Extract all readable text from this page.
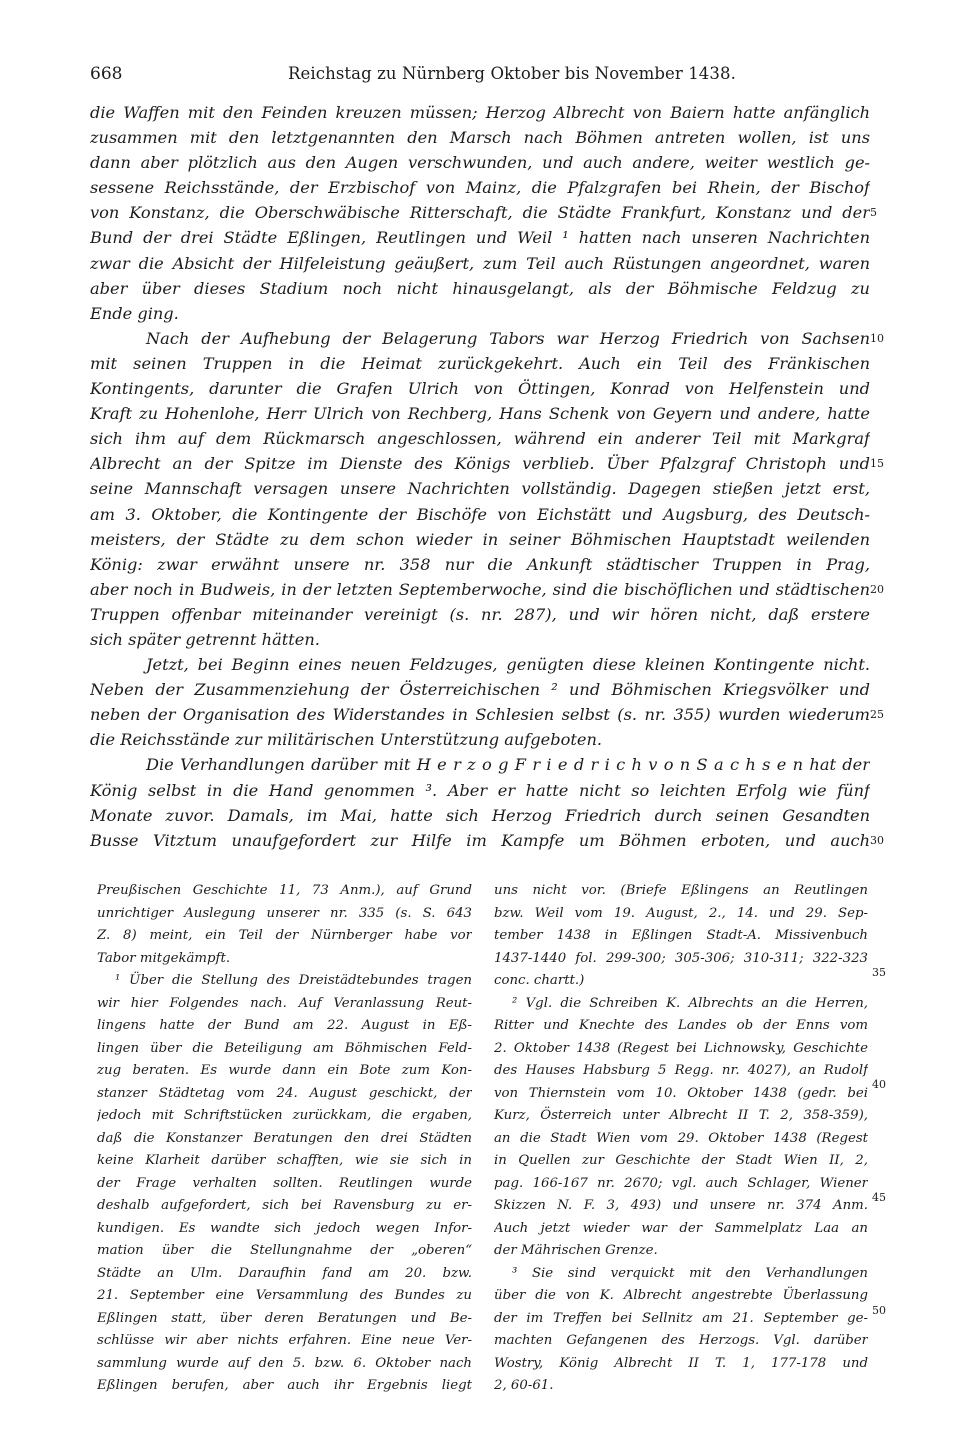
668	Reichstag zu Nürnberg Oktober bis November 1438.
die Waffen mit den Feinden kreuzen müssen; Herzog Albrecht von Baiern hatte anfänglich
zusammen mit den letztgenannten den Marsch nach Böhmen antreten wollen, ist uns
dann aber plötzlich aus den Augen verschwunden, und auch andere, weiter westlich ge-
sessene Reichsstände, der Erzbischof von Mainz, die Pfalzgrafen bei Rhein, der Bischof
von Konstanz, die Oberschwäbische Ritterschaft, die Städte Frankfurt, Konstanz und der
Bund der drei Städte Eßlingen, Reutlingen und Weil ¹ hatten nach unseren Nachrichten
zwar die Absicht der Hilfeleistung geäußert, zum Teil auch Rüstungen angeordnet, waren
aber über dieses Stadium noch nicht hinausgelangt, als der Böhmische Feldzug zu
Ende ging.
Nach der Aufhebung der Belagerung Tabors war Herzog Friedrich von Sachsen
mit seinen Truppen in die Heimat zurückgekehrt. Auch ein Teil des Fränkischen
Kontingents, darunter die Grafen Ulrich von Öttingen, Konrad von Helfenstein und
Kraft zu Hohenlohe, Herr Ulrich von Rechberg, Hans Schenk von Geyern und andere, hatte
sich ihm auf dem Rückmarsch angeschlossen, während ein anderer Teil mit Markgraf
Albrecht an der Spitze im Dienste des Königs verblieb. Über Pfalzgraf Christoph und
seine Mannschaft versagen unsere Nachrichten vollständig. Dagegen stießen jetzt erst,
am 3. Oktober, die Kontingente der Bischöfe von Eichstätt und Augsburg, des Deutsch-
meisters, der Städte zu dem schon wieder in seiner Böhmischen Hauptstadt weilenden
König: zwar erwähnt unsere nr. 358 nur die Ankunft städtischer Truppen in Prag,
aber noch in Budweis, in der letzten Septemberwoche, sind die bischöflichen und städtischen
Truppen offenbar miteinander vereinigt (s. nr. 287), und wir hören nicht, daß erstere
sich später getrennt hätten.
Jetzt, bei Beginn eines neuen Feldzuges, genügten diese kleinen Kontingente nicht.
Neben der Zusammenziehung der Österreichischen ² und Böhmischen Kriegsvölker und
neben der Organisation des Widerstandes in Schlesien selbst (s. nr. 355) wurden wiederum
die Reichsstände zur militärischen Unterstützung aufgeboten.
Die Verhandlungen darüber mit H e r z o g F r i e d r i c h v o n S a c h s e n hat der
König selbst in die Hand genommen ³. Aber er hatte nicht so leichten Erfolg wie fünf
Monate zuvor. Damals, im Mai, hatte sich Herzog Friedrich durch seinen Gesandten
Busse Vitztum unaufgefordert zur Hilfe im Kampfe um Böhmen erboten, und auch
5
10
15
20
25
30
Preußischen Geschichte 11, 73 Anm.), auf Grund
unrichtiger Auslegung unserer nr. 335 (s. S. 643
Z. 8) meint, ein Teil der Nürnberger habe vor
Tabor mitgekämpft.
¹ Über die Stellung des Dreistädtebundes tragen
wir hier Folgendes nach. Auf Veranlassung Reut-
lingens hatte der Bund am 22. August in Eß-
lingen über die Beteiligung am Böhmischen Feld-
zug beraten. Es wurde dann ein Bote zum Kon-
stanzer Städtetag vom 24. August geschickt, der
jedoch mit Schriftstücken zurückkam, die ergaben,
daß die Konstanzer Beratungen den drei Städten
keine Klarheit darüber schafften, wie sie sich in
der Frage verhalten sollten. Reutlingen wurde
deshalb aufgefordert, sich bei Ravensburg zu er-
kundigen. Es wandte sich jedoch wegen Infor-
mation über die Stellungnahme der „oberen“
Städte an Ulm. Daraufhin fand am 20. bzw.
21. September eine Versammlung des Bundes zu
Eßlingen statt, über deren Beratungen und Be-
schlüsse wir aber nichts erfahren. Eine neue Ver-
sammlung wurde auf den 5. bzw. 6. Oktober nach
Eßlingen berufen, aber auch ihr Ergebnis liegt
uns nicht vor. (Briefe Eßlingens an Reutlingen
bzw. Weil vom 19. August, 2., 14. und 29. Sep-
tember 1438 in Eßlingen Stadt-A. Missivenbuch
1437-1440 fol. 299-300; 305-306; 310-311; 322-323
conc. chartt.)
² Vgl. die Schreiben K. Albrechts an die Herren,
Ritter und Knechte des Landes ob der Enns vom
2. Oktober 1438 (Regest bei Lichnowsky, Geschichte
des Hauses Habsburg 5 Regg. nr. 4027), an Rudolf
von Thiernstein vom 10. Oktober 1438 (gedr. bei
Kurz, Österreich unter Albrecht II T. 2, 358-359),
an die Stadt Wien vom 29. Oktober 1438 (Regest
in Quellen zur Geschichte der Stadt Wien II, 2,
pag. 166-167 nr. 2670; vgl. auch Schlager, Wiener
Skizzen N. F. 3, 493) und unsere nr. 374 Anm.
Auch jetzt wieder war der Sammelplatz Laa an
der Mährischen Grenze.
³ Sie sind verquickt mit den Verhandlungen
über die von K. Albrecht angestrebte Überlassung
der im Treffen bei Sellnitz am 21. September ge-
machten Gefangenen des Herzogs. Vgl. darüber
Wostry, König Albrecht II T. 1, 177-178 und
2, 60-61.
35
40
45
50
